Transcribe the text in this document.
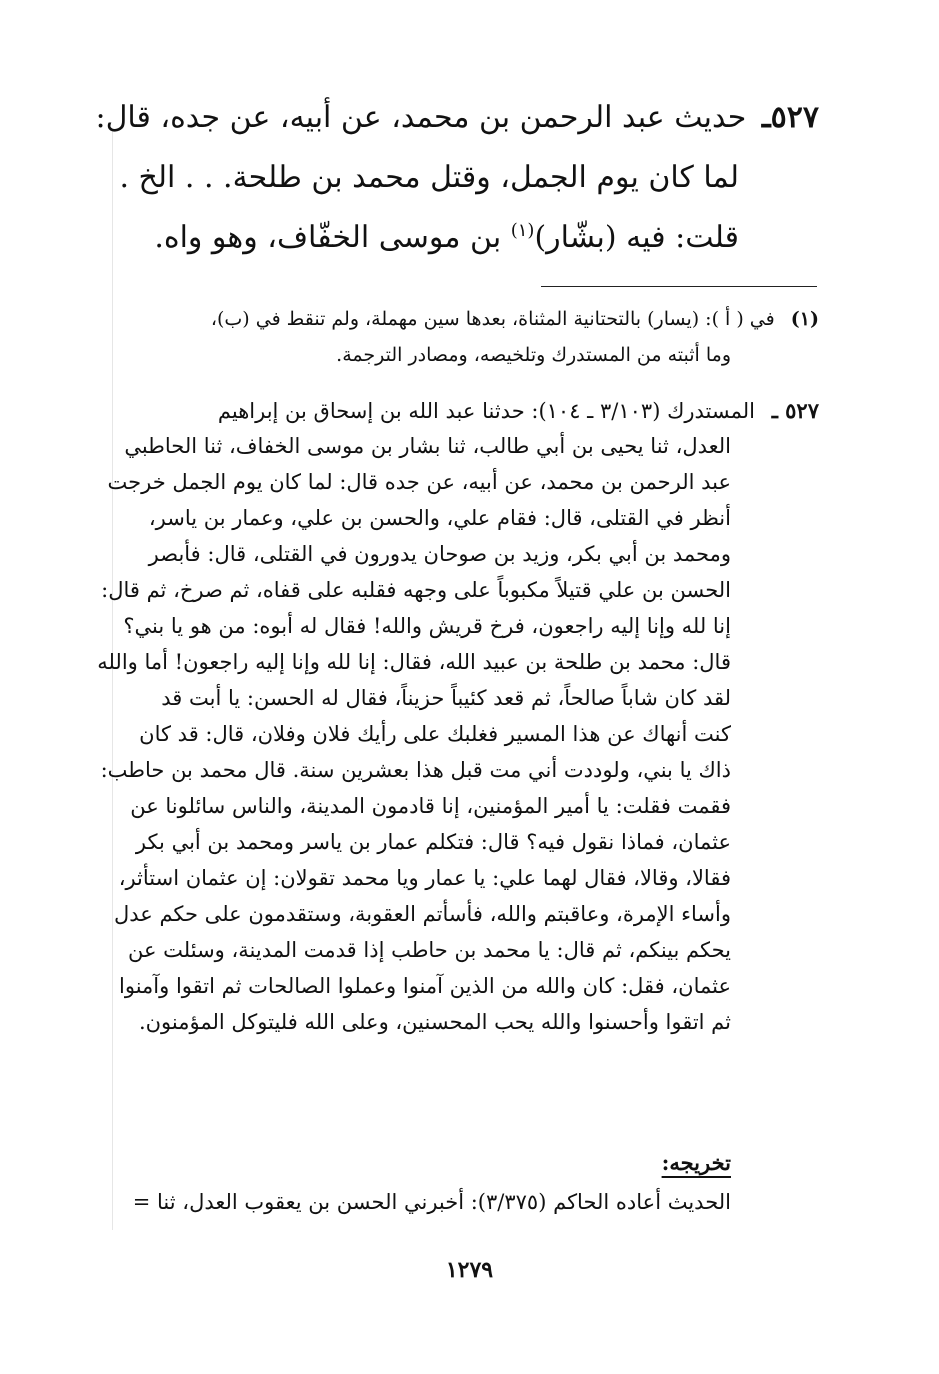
٥٢٧ـ حديث عبد الرحمن بن محمد، عن أبيه، عن جده، قال:
لما كان يوم الجمل، وقتل محمد بن طلحة. . . الخ .
قلت: فيه (بشّار)$^{(١)}$ بن موسى الخفّاف، وهو واه.
(١) في ( أ ): (يسار) بالتحتانية المثناة، بعدها سين مهملة، ولم تنقط في (ب)،
وما أثبته من المستدرك وتلخيصه، ومصادر الترجمة.
٥٢٧ ـ المستدرك (٣/١٠٣ ـ ١٠٤): حدثنا عبد الله بن إسحاق بن إبراهيم
العدل، ثنا يحيى بن أبي طالب، ثنا بشار بن موسى الخفاف، ثنا الحاطبي
عبد الرحمن بن محمد، عن أبيه، عن جده قال: لما كان يوم الجمل خرجت
أنظر في القتلى، قال: فقام علي، والحسن بن علي، وعمار بن ياسر،
ومحمد بن أبي بكر، وزيد بن صوحان يدورون في القتلى، قال: فأبصر
الحسن بن علي قتيلاً مكبوباً على وجهه فقلبه على قفاه، ثم صرخ، ثم قال:
إنا لله وإنا إليه راجعون، فرخ قريش والله! فقال له أبوه: من هو يا بني؟
قال: محمد بن طلحة بن عبيد الله، فقال: إنا لله وإنا إليه راجعون! أما والله
لقد كان شاباً صالحاً، ثم قعد كئيباً حزيناً، فقال له الحسن: يا أبت قد
كنت أنهاك عن هذا المسير فغلبك على رأيك فلان وفلان، قال: قد كان
ذاك يا بني، ولوددت أني مت قبل هذا بعشرين سنة. قال محمد بن حاطب:
فقمت فقلت: يا أمير المؤمنين، إنا قادمون المدينة، والناس سائلونا عن
عثمان، فماذا نقول فيه؟ قال: فتكلم عمار بن ياسر ومحمد بن أبي بكر
فقالا، وقالا، فقال لهما علي: يا عمار ويا محمد تقولان: إن عثمان استأثر،
وأساء الإمرة، وعاقبتم والله، فأسأتم العقوبة، وستقدمون على حكم عدل
يحكم بينكم، ثم قال: يا محمد بن حاطب إذا قدمت المدينة، وسئلت عن
عثمان، فقل: كان والله من الذين آمنوا وعملوا الصالحات ثم اتقوا وآمنوا
ثم اتقوا وأحسنوا والله يحب المحسنين، وعلى الله فليتوكل المؤمنون.
تخريجه:
الحديث أعاده الحاكم (٣/٣٧٥): أخبرني الحسن بن يعقوب العدل، ثنا =
١٢٧٩
